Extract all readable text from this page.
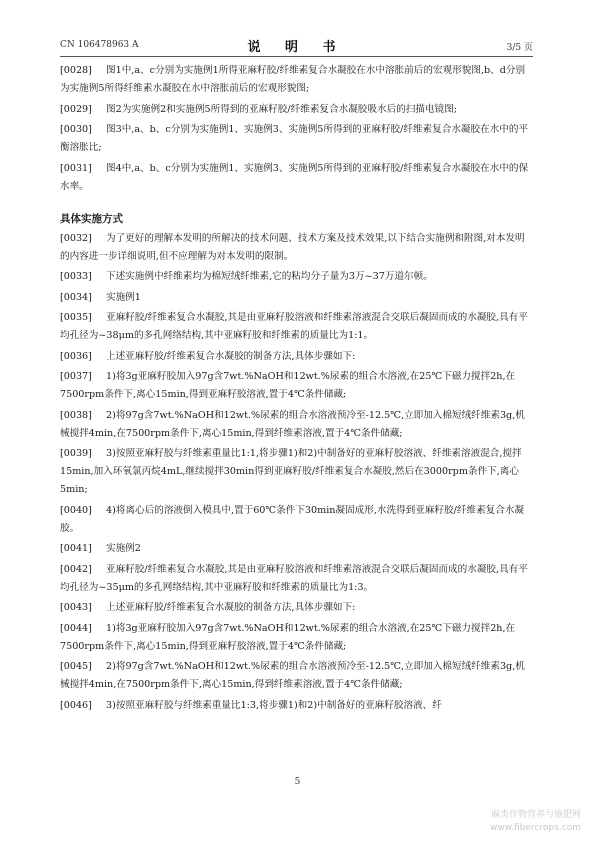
CN 106478963 A	说 明 书	3/5 页
[0028]	图1中,a、c分别为实施例1所得亚麻籽胶/纤维素复合水凝胶在水中溶胀前后的宏观形貌图,b、d分别为实施例5所得纤维素水凝胶在水中溶胀前后的宏观形貌图;
[0029]	图2为实施例2和实施例5所得到的亚麻籽胶/纤维素复合水凝胶吸水后的扫描电镜图;
[0030]	图3中,a、b、c分别为实施例1、实施例3、实施例5所得到的亚麻籽胶/纤维素复合水凝胶在水中的平衡溶胀比;
[0031]	图4中,a、b、c分别为实施例1、实施例3、实施例5所得到的亚麻籽胶/纤维素复合水凝胶在水中的保水率。
具体实施方式
[0032]	为了更好的理解本发明的所解决的技术问题、技术方案及技术效果,以下结合实施例和附图,对本发明的内容进一步详细说明,但不应理解为对本发明的限制。
[0033]	下述实施例中纤维素均为棉短绒纤维素,它的粘均分子量为3万~37万道尔顿。
[0034]	实施例1
[0035]	亚麻籽胶/纤维素复合水凝胶,其是由亚麻籽胶溶液和纤维素溶液混合交联后凝固而成的水凝胶,具有平均孔径为~38μm的多孔网络结构,其中亚麻籽胶和纤维素的质量比为1:1。
[0036]	上述亚麻籽胶/纤维素复合水凝胶的制备方法,具体步骤如下:
[0037]	1)将3g亚麻籽胶加入97g含7wt.%NaOH和12wt.%尿素的组合水溶液,在25℃下磁力搅拌2h,在7500rpm条件下,离心15min,得到亚麻籽胶溶液,置于4℃条件储藏;
[0038]	2)将97g含7wt.%NaOH和12wt.%尿素的组合水溶液预冷至-12.5℃,立即加入棉短绒纤维素3g,机械搅拌4min,在7500rpm条件下,离心15min,得到纤维素溶液,置于4℃条件储藏;
[0039]	3)按照亚麻籽胶与纤维素重量比1:1,将步骤1)和2)中制备好的亚麻籽胶溶液、纤维素溶液混合,搅拌15min,加入环氧氯丙烷4mL,继续搅拌30min得到亚麻籽胶/纤维素复合水凝胶,然后在3000rpm条件下,离心5min;
[0040]	4)将离心后的溶液倒入模具中,置于60℃条件下30min凝固成形,水洗得到亚麻籽胶/纤维素复合水凝胶。
[0041]	实施例2
[0042]	亚麻籽胶/纤维素复合水凝胶,其是由亚麻籽胶溶液和纤维素溶液混合交联后凝固而成的水凝胶,具有平均孔径为~35μm的多孔网络结构,其中亚麻籽胶和纤维素的质量比为1:3。
[0043]	上述亚麻籽胶/纤维素复合水凝胶的制备方法,具体步骤如下:
[0044]	1)将3g亚麻籽胶加入97g含7wt.%NaOH和12wt.%尿素的组合水溶液,在25℃下磁力搅拌2h,在7500rpm条件下,离心15min,得到亚麻籽胶溶液,置于4℃条件储藏;
[0045]	2)将97g含7wt.%NaOH和12wt.%尿素的组合水溶液预冷至-12.5℃,立即加入棉短绒纤维素3g,机械搅拌4min,在7500rpm条件下,离心15min,得到纤维素溶液,置于4℃条件储藏;
[0046]	3)按照亚麻籽胶与纤维素重量比1:3,将步骤1)和2)中制备好的亚麻籽胶溶液、纤
5
麻类作物营养与施肥网
www.fibercrops.com
